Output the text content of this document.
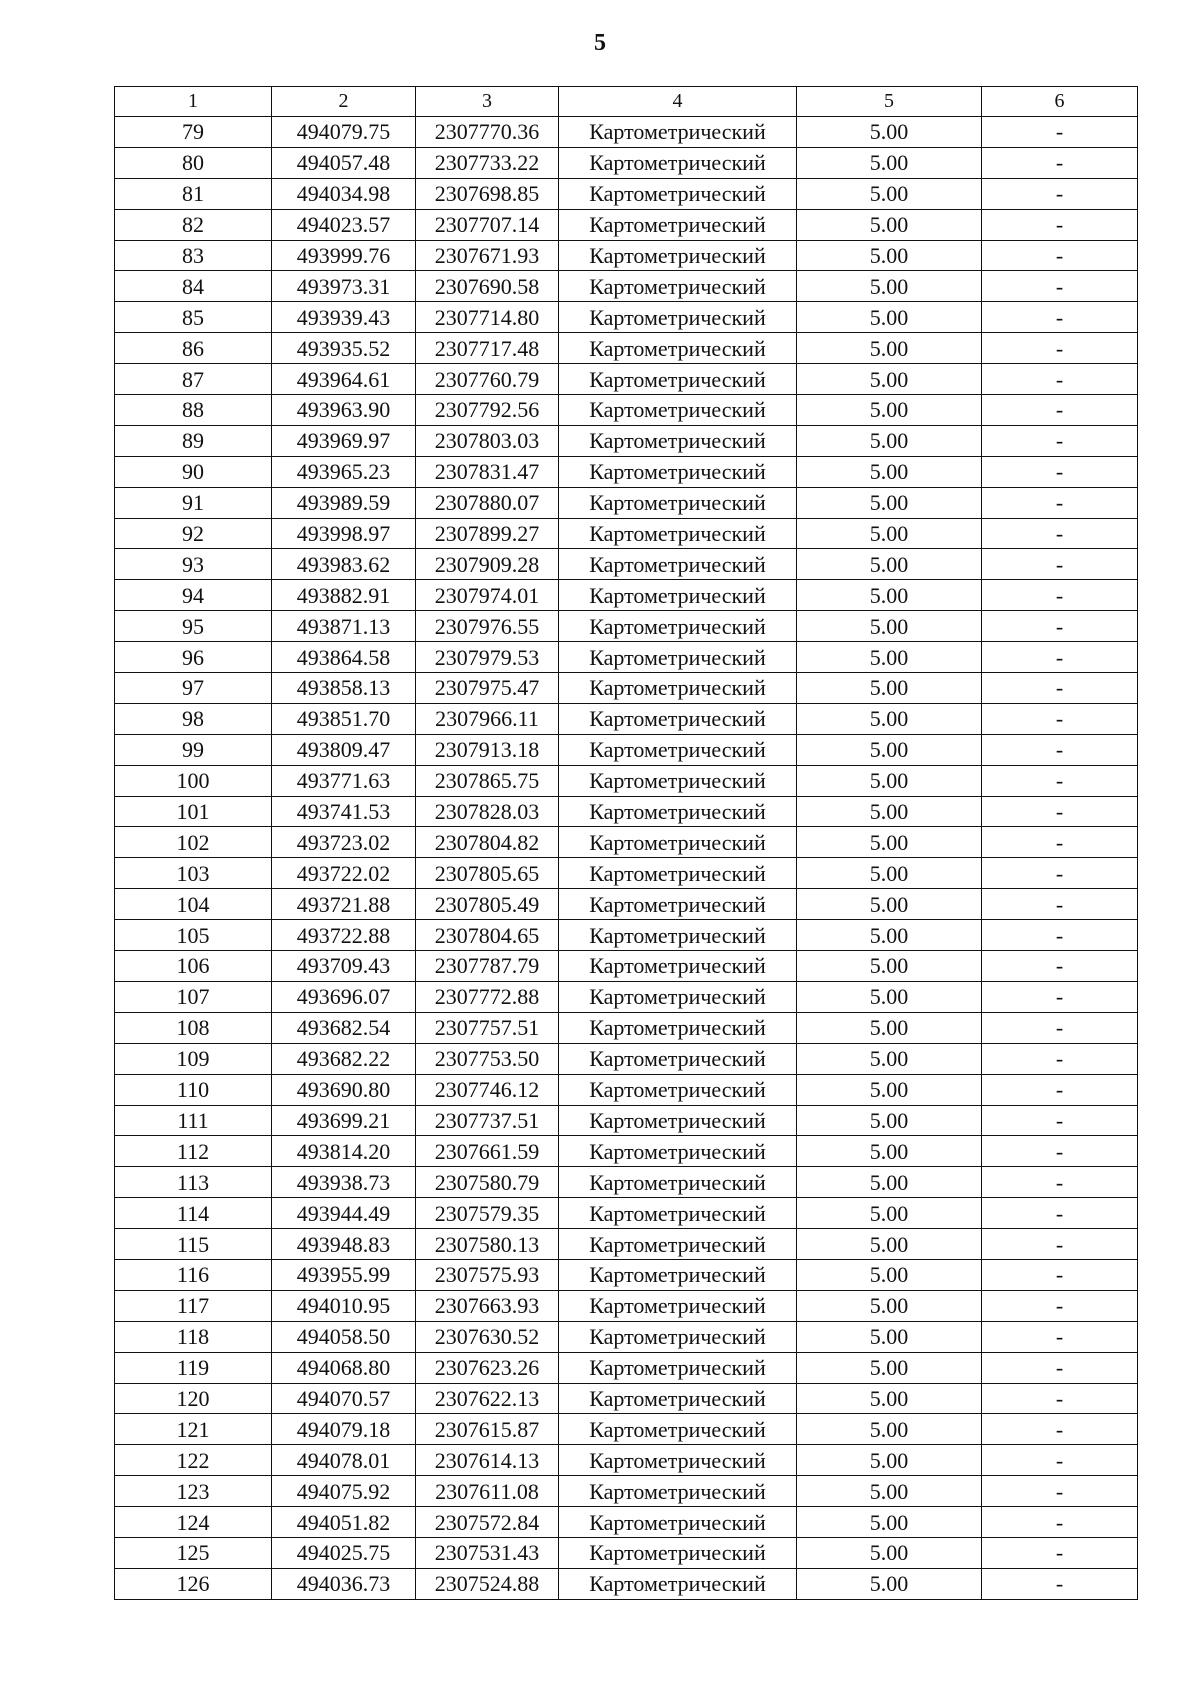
5
1	2	3	4	5	6
79	494079.75	2307770.36	Картометрический	5.00	-
80	494057.48	2307733.22	Картометрический	5.00	-
81	494034.98	2307698.85	Картометрический	5.00	-
82	494023.57	2307707.14	Картометрический	5.00	-
83	493999.76	2307671.93	Картометрический	5.00	-
84	493973.31	2307690.58	Картометрический	5.00	-
85	493939.43	2307714.80	Картометрический	5.00	-
86	493935.52	2307717.48	Картометрический	5.00	-
87	493964.61	2307760.79	Картометрический	5.00	-
88	493963.90	2307792.56	Картометрический	5.00	-
89	493969.97	2307803.03	Картометрический	5.00	-
90	493965.23	2307831.47	Картометрический	5.00	-
91	493989.59	2307880.07	Картометрический	5.00	-
92	493998.97	2307899.27	Картометрический	5.00	-
93	493983.62	2307909.28	Картометрический	5.00	-
94	493882.91	2307974.01	Картометрический	5.00	-
95	493871.13	2307976.55	Картометрический	5.00	-
96	493864.58	2307979.53	Картометрический	5.00	-
97	493858.13	2307975.47	Картометрический	5.00	-
98	493851.70	2307966.11	Картометрический	5.00	-
99	493809.47	2307913.18	Картометрический	5.00	-
100	493771.63	2307865.75	Картометрический	5.00	-
101	493741.53	2307828.03	Картометрический	5.00	-
102	493723.02	2307804.82	Картометрический	5.00	-
103	493722.02	2307805.65	Картометрический	5.00	-
104	493721.88	2307805.49	Картометрический	5.00	-
105	493722.88	2307804.65	Картометрический	5.00	-
106	493709.43	2307787.79	Картометрический	5.00	-
107	493696.07	2307772.88	Картометрический	5.00	-
108	493682.54	2307757.51	Картометрический	5.00	-
109	493682.22	2307753.50	Картометрический	5.00	-
110	493690.80	2307746.12	Картометрический	5.00	-
111	493699.21	2307737.51	Картометрический	5.00	-
112	493814.20	2307661.59	Картометрический	5.00	-
113	493938.73	2307580.79	Картометрический	5.00	-
114	493944.49	2307579.35	Картометрический	5.00	-
115	493948.83	2307580.13	Картометрический	5.00	-
116	493955.99	2307575.93	Картометрический	5.00	-
117	494010.95	2307663.93	Картометрический	5.00	-
118	494058.50	2307630.52	Картометрический	5.00	-
119	494068.80	2307623.26	Картометрический	5.00	-
120	494070.57	2307622.13	Картометрический	5.00	-
121	494079.18	2307615.87	Картометрический	5.00	-
122	494078.01	2307614.13	Картометрический	5.00	-
123	494075.92	2307611.08	Картометрический	5.00	-
124	494051.82	2307572.84	Картометрический	5.00	-
125	494025.75	2307531.43	Картометрический	5.00	-
126	494036.73	2307524.88	Картометрический	5.00	-
